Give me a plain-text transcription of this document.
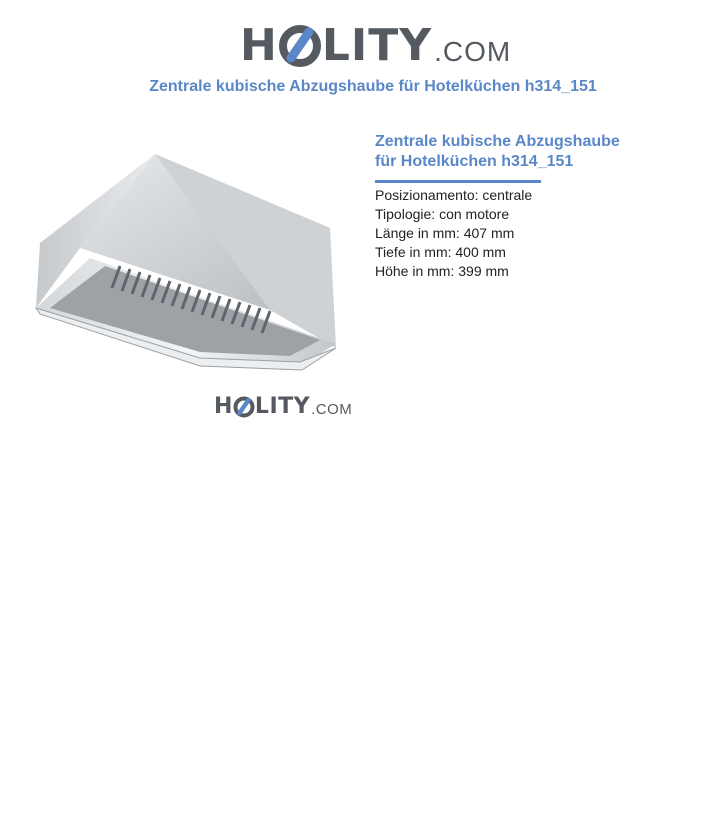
H LITY .COM
Zentrale kubische Abzugshaube für Hotelküchen h314_151
H LITY .COM
Zentrale kubische Abzugshaube für Hotelküchen h314_151
Posizionamento: centrale
Tipologie: con motore
Länge in mm: 407 mm
Tiefe in mm: 400 mm
Höhe in mm: 399 mm
